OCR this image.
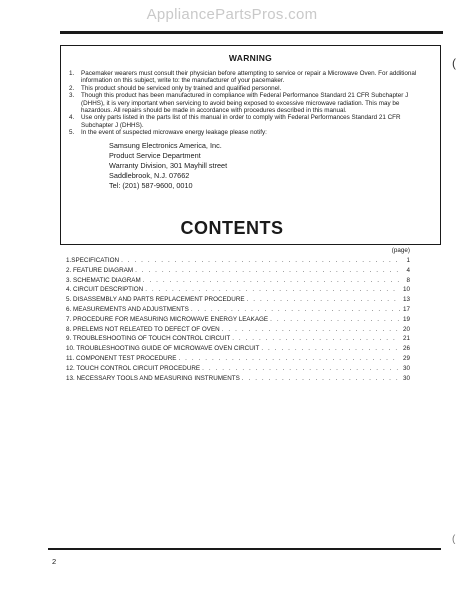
AppliancePartsPros.com
(
(
WARNING
1. Pacemaker wearers must consult their physician before attempting to service or repair a Microwave Oven. For additional information on this subject, write to: the manufacturer of your pacemaker.
2. This product should be serviced only by trained and qualified personnel.
3. Though this product has been manufactured in compliance with Federal Performance Standard 21 CFR Subchapter J (DHHS), it is very important when servicing to avoid being exposed to excessive microwave radiation. This may be hazardous. All repairs should be made in accordance with procedures described in this manual.
4. Use only parts listed in the parts list of this manual in order to comply with Federal Performances Standard 21 CFR Subchapter J (DHHS).
5. In the event of suspected microwave energy leakage please notify:
Samsung Electronics America, Inc.
Product Service Department
Warranty Division, 301 Mayhill street
Saddlebrook, N.J. 07662
Tel: (201) 587-9600, 0010
CONTENTS
(page)
1.SPECIFICATION . . .	1
2. FEATURE DIAGRAM . . .	4
3. SCHEMATIC DIAGRAM . . .	8
4. CIRCUIT DESCRIPTION . . .	10
5. DISASSEMBLY AND PARTS REPLACEMENT PROCEDURE . . .	13
6. MEASUREMENTS AND ADJUSTMENTS . . .	17
7. PROCEDURE FOR MEASURING MICROWAVE ENERGY LEAKAGE . . .	19
8. PRELEMS NOT RELEATED TO DEFECT OF OVEN . . .	20
9. TROUBLESHOOTING OF TOUCH CONTROL CIRCUIT . . .	21
10. TROUBLESHOOTING GUIDE OF MICROWAVE OVEN CIRCUIT . . .	26
11. COMPONENT TEST PROCEDURE . . .	29
12. TOUCH CONTROL CIRCUIT PROCEDURE . . .	30
13. NECESSARY TOOLS AND MEASURING INSTRUMENTS . . .	30
2
